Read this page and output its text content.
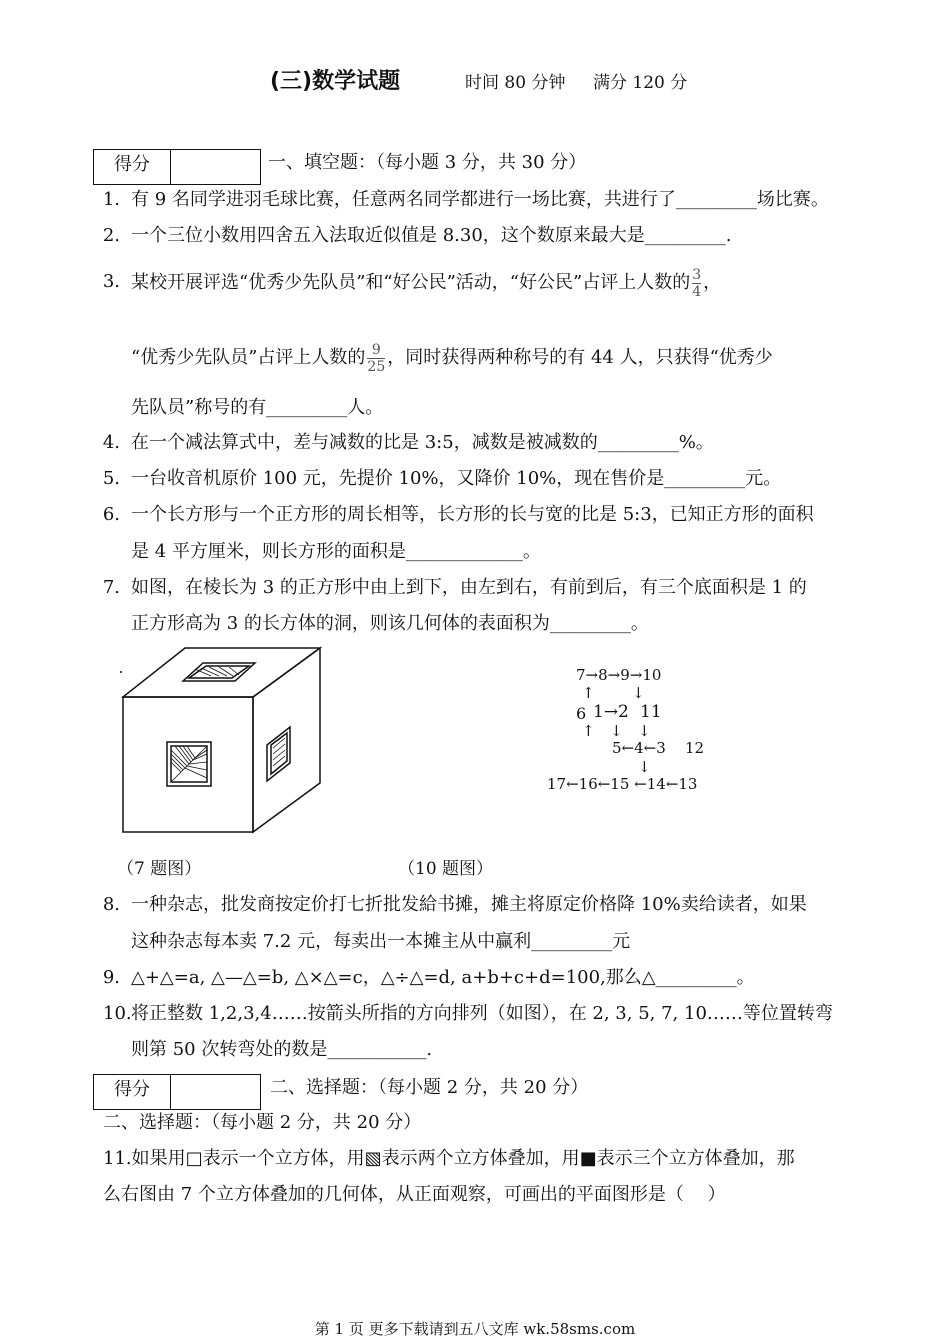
(三)数学试题	时间 80 分钟 满分 120 分
得分	一、填空题：（每小题 3 分，共 30 分）
1. 有 9 名同学进羽毛球比赛，任意两名同学都进行一场比赛，共进行了_________场比赛。
2. 一个三位小数用四舍五入法取近似值是 8.30，这个数原来最大是_________.
3. 某校开展评选“优秀少先队员”和“好公民”活动，“好公民”占评上人数的 $\frac{3}{4}$ ，
“优秀少先队员”占评上人数的 $\frac{9}{25}$ ，同时获得两种称号的有 44 人，只获得“优秀少
先队员”称号的有_________人。
4. 在一个减法算式中，差与减数的比是 3:5，减数是被减数的_________%。
5. 一台收音机原价 100 元，先提价 10%，又降价 10%，现在售价是_________元。
6. 一个长方形与一个正方形的周长相等，长方形的长与宽的比是 5:3，已知正方形的面积
是 4 平方厘米，则长方形的面积是_____________。
7. 如图，在棱长为 3 的正方形中由上到下，由左到右，有前到后，有三个底面积是 1 的
正方形高为 3 的长方体的洞，则该几何体的表面积为_________。
7→8→9→10
↑ ↓
6 1→2 11
↑ ↓ ↓
5←4←3 12
↓
17←16←15 ←14←13
（7 题图）	（10 题图）
8. 一种杂志，批发商按定价打七折批发給书摊，摊主将原定价格降 10%卖给读者，如果
这种杂志每本卖 7.2 元，每卖出一本摊主从中赢利_________元
9. △+△=a, △—△=b, △×△=c，△÷△=d, a+b+c+d=100,那么△_________。
10. 将正整数 1,2,3,4……按箭头所指的方向排列（如图），在 2, 3, 5, 7, 10……等位置转弯
则第 50 次转弯处的数是___________.
得分	二、选择题：（每小题 2 分，共 20 分）
二、选择题：（每小题 2 分，共 20 分）
11.如果用□表示一个立方体，用▧表示两个立方体叠加，用■表示三个立方体叠加，那
么右图由 7 个立方体叠加的几何体，从正面观察，可画出的平面图形是（　 ）
第 1 页 更多下载请到五八文库 wk.58sms.com
